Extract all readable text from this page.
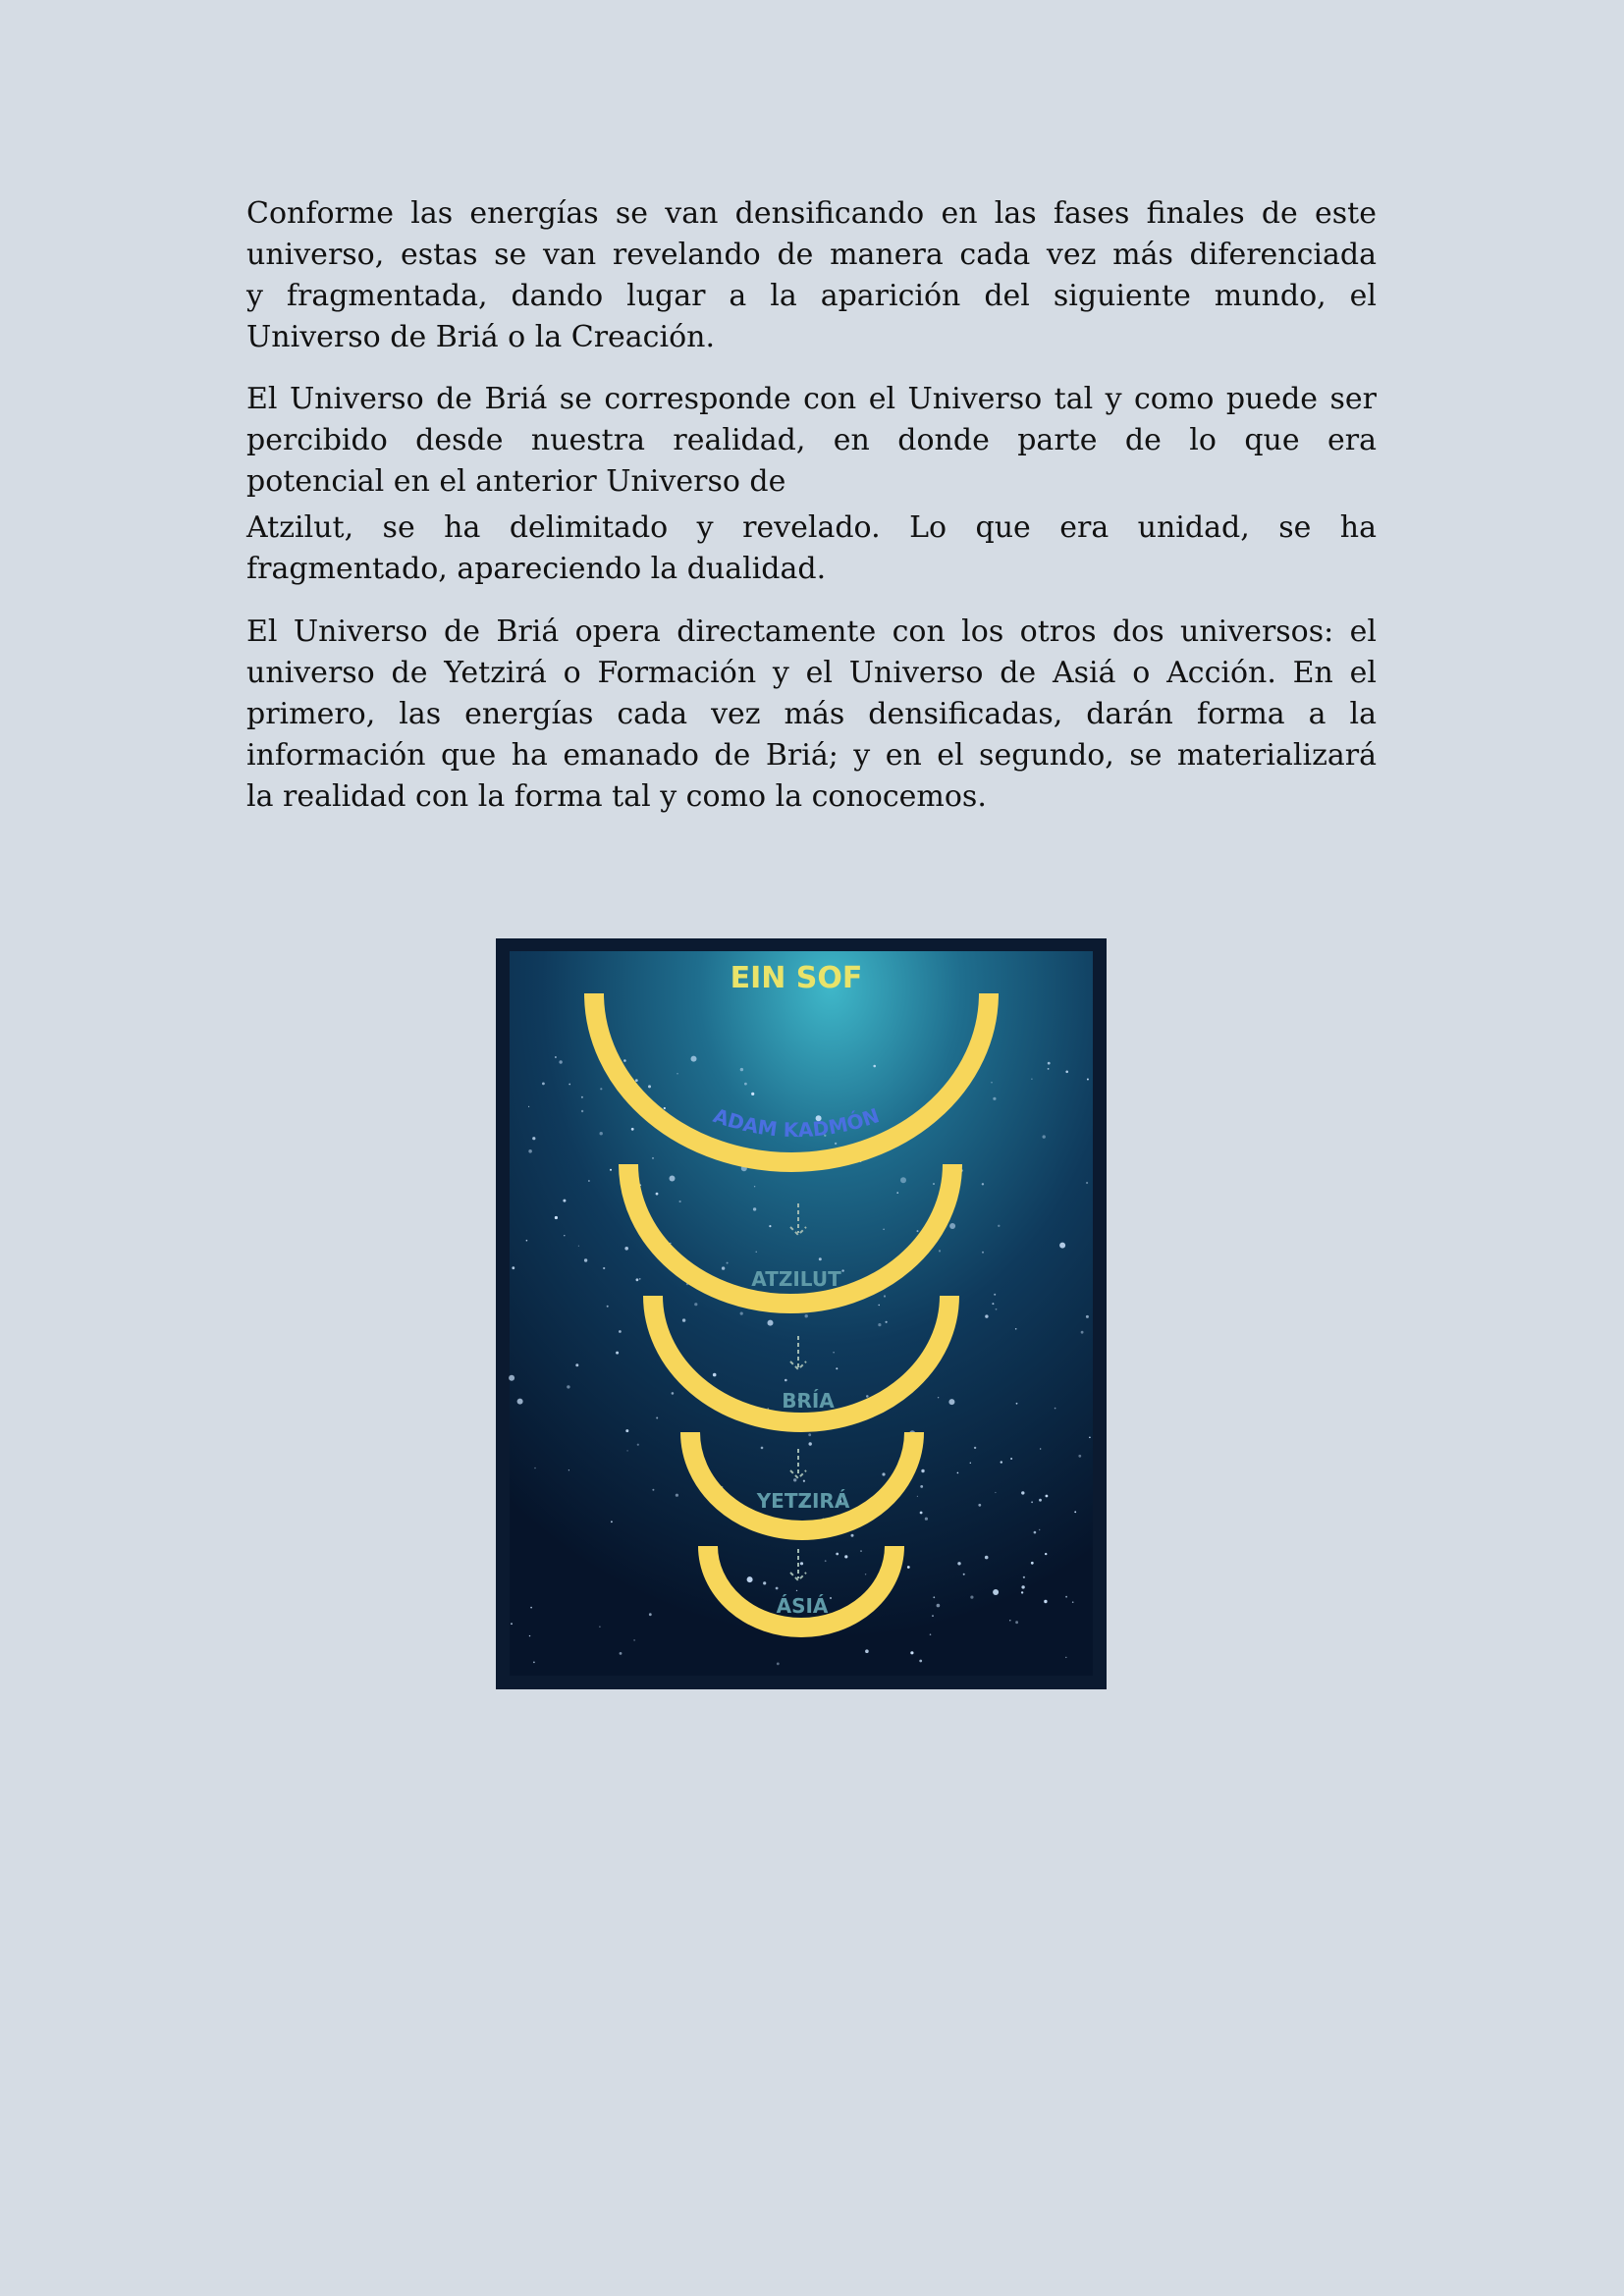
Conforme las energías se van densificando en las fases finales de este
universo, estas se van revelando de manera cada vez más diferenciada
y fragmentada, dando lugar a la aparición del siguiente mundo, el
Universo de Briá o la Creación.
El Universo de Briá se corresponde con el Universo tal y como puede ser
percibido desde nuestra realidad, en donde parte de lo que era
potencial en el anterior Universo de
Atzilut, se ha delimitado y revelado. Lo que era unidad, se ha
fragmentado, apareciendo la dualidad.
El Universo de Briá opera directamente con los otros dos universos: el
universo de Yetzirá o Formación y el Universo de Asiá o Acción. En el
primero, las energías cada vez más densificadas, darán forma a la
información que ha emanado de Briá; y en el segundo, se materializará
la realidad con la forma tal y como la conocemos.
EIN SOF
ADAM KADMÓN
ATZILUT
BRÍA
YETZIRÁ
ÁSIÁ
